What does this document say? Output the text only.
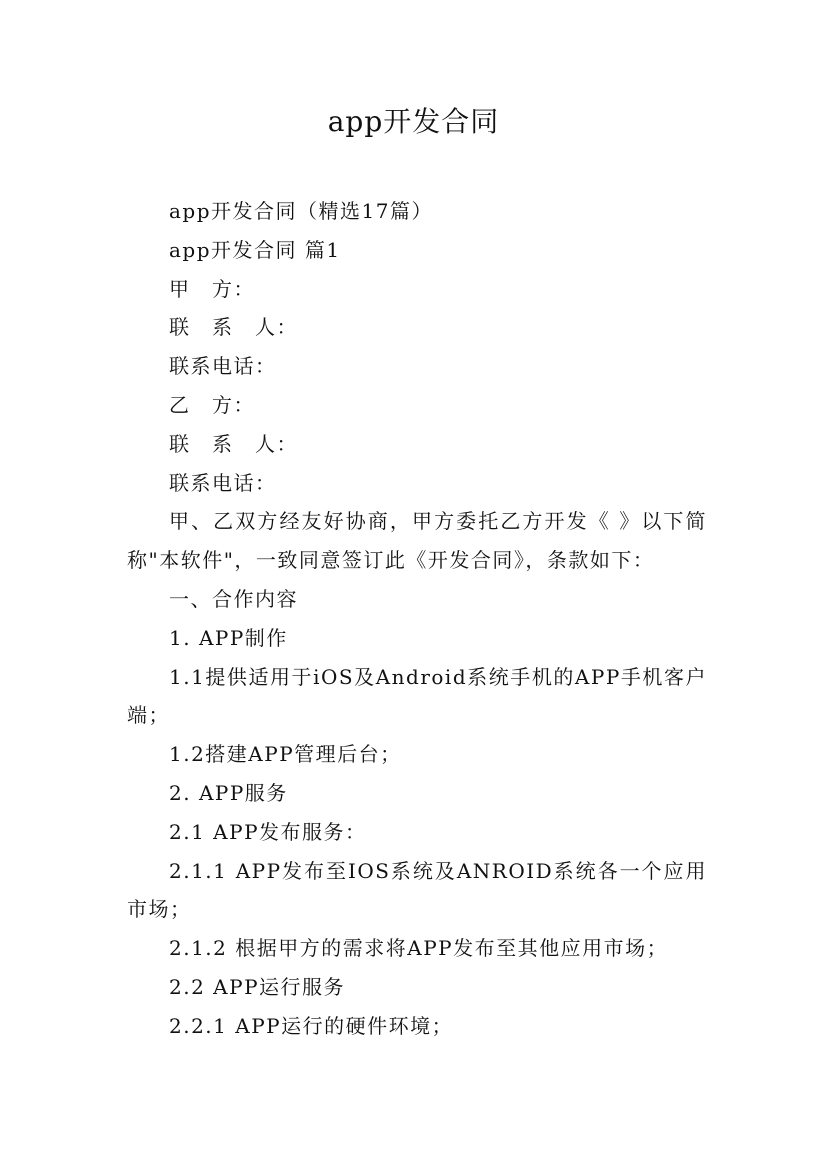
app开发合同

app开发合同（精选17篇）

app开发合同 篇1

甲　方：

联　系　人：

联系电话：

乙　方：

联　系　人：

联系电话：

甲、乙双方经友好协商，甲方委托乙方开发《 》以下简称"本软件"，一致同意签订此《开发合同》，条款如下：

一、合作内容

1. APP制作

1.1提供适用于iOS及Android系统手机的APP手机客户端；

1.2搭建APP管理后台；

2. APP服务

2.1 APP发布服务：

2.1.1 APP发布至IOS系统及ANROID系统各一个应用市场；

2.1.2 根据甲方的需求将APP发布至其他应用市场；

2.2 APP运行服务

2.2.1 APP运行的硬件环境；
